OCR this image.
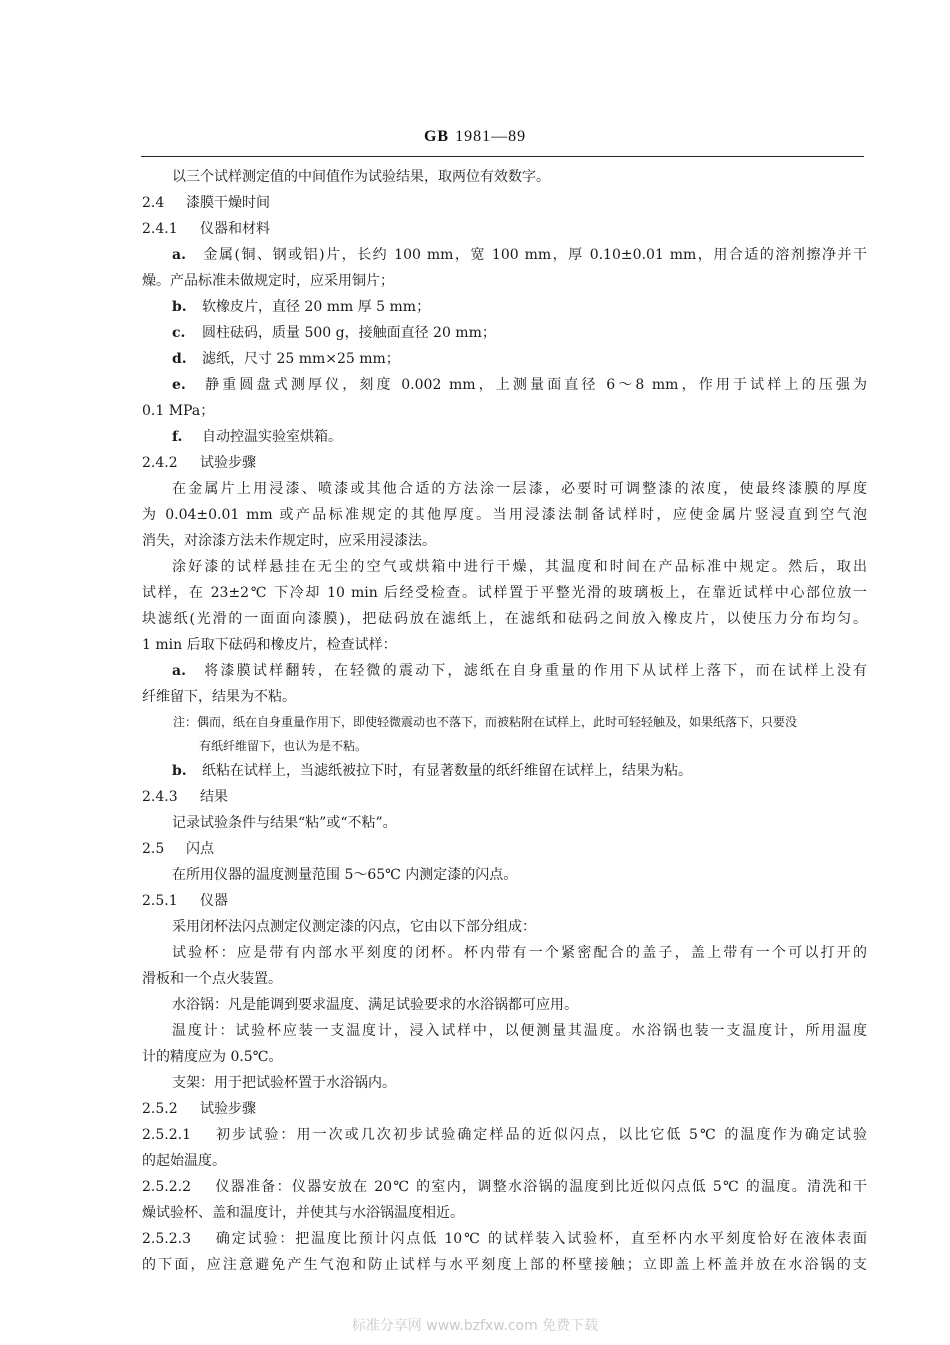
GB 1981—89
以三个试样测定值的中间值作为试验结果，取两位有效数字。
2.4 漆膜干燥时间
2.4.1 仪器和材料
a. 金属(铜、钢或铝)片，长约 100 mm，宽 100 mm，厚 0.10±0.01 mm，用合适的溶剂擦净并干
燥。产品标准未做规定时，应采用铜片；
b. 软橡皮片，直径 20 mm 厚 5 mm；
c. 圆柱砝码，质量 500 g，接触面直径 20 mm；
d. 滤纸，尺寸 25 mm×25 mm；
e. 静重圆盘式测厚仪，刻度 0.002 mm，上测量面直径 6～8 mm，作用于试样上的压强为
0.1 MPa；
f. 自动控温实验室烘箱。
2.4.2 试验步骤
在金属片上用浸漆、喷漆或其他合适的方法涂一层漆，必要时可调整漆的浓度，使最终漆膜的厚度
为 0.04±0.01 mm 或产品标准规定的其他厚度。当用浸漆法制备试样时，应使金属片竖浸直到空气泡
消失，对涂漆方法未作规定时，应采用浸漆法。
涂好漆的试样悬挂在无尘的空气或烘箱中进行干燥，其温度和时间在产品标准中规定。然后，取出
试样，在 23±2℃ 下冷却 10 min 后经受检查。试样置于平整光滑的玻璃板上，在靠近试样中心部位放一
块滤纸(光滑的一面面向漆膜)，把砝码放在滤纸上，在滤纸和砝码之间放入橡皮片，以使压力分布均匀。
1 min 后取下砝码和橡皮片，检查试样：
a. 将漆膜试样翻转，在轻微的震动下，滤纸在自身重量的作用下从试样上落下，而在试样上没有
纤维留下，结果为不粘。
注：偶而，纸在自身重量作用下，即使轻微震动也不落下，而被粘附在试样上，此时可轻轻触及，如果纸落下，只要没
有纸纤维留下，也认为是不粘。
b. 纸粘在试样上，当滤纸被拉下时，有显著数量的纸纤维留在试样上，结果为粘。
2.4.3 结果
记录试验条件与结果“粘”或“不粘”。
2.5 闪点
在所用仪器的温度测量范围 5～65℃ 内测定漆的闪点。
2.5.1 仪器
采用闭杯法闪点测定仪测定漆的闪点，它由以下部分组成：
试验杯：应是带有内部水平刻度的闭杯。杯内带有一个紧密配合的盖子，盖上带有一个可以打开的
滑板和一个点火装置。
水浴锅：凡是能调到要求温度、满足试验要求的水浴锅都可应用。
温度计：试验杯应装一支温度计，浸入试样中，以便测量其温度。水浴锅也装一支温度计，所用温度
计的精度应为 0.5℃。
支架：用于把试验杯置于水浴锅内。
2.5.2 试验步骤
2.5.2.1 初步试验：用一次或几次初步试验确定样品的近似闪点，以比它低 5℃ 的温度作为确定试验
的起始温度。
2.5.2.2 仪器准备：仪器安放在 20℃ 的室内，调整水浴锅的温度到比近似闪点低 5℃ 的温度。清洗和干
燥试验杯、盖和温度计，并使其与水浴锅温度相近。
2.5.2.3 确定试验：把温度比预计闪点低 10℃ 的试样装入试验杯，直至杯内水平刻度恰好在液体表面
的下面，应注意避免产生气泡和防止试样与水平刻度上部的杯壁接触；立即盖上杯盖并放在水浴锅的支
标准分享网 www.bzfxw.com 免费下载
